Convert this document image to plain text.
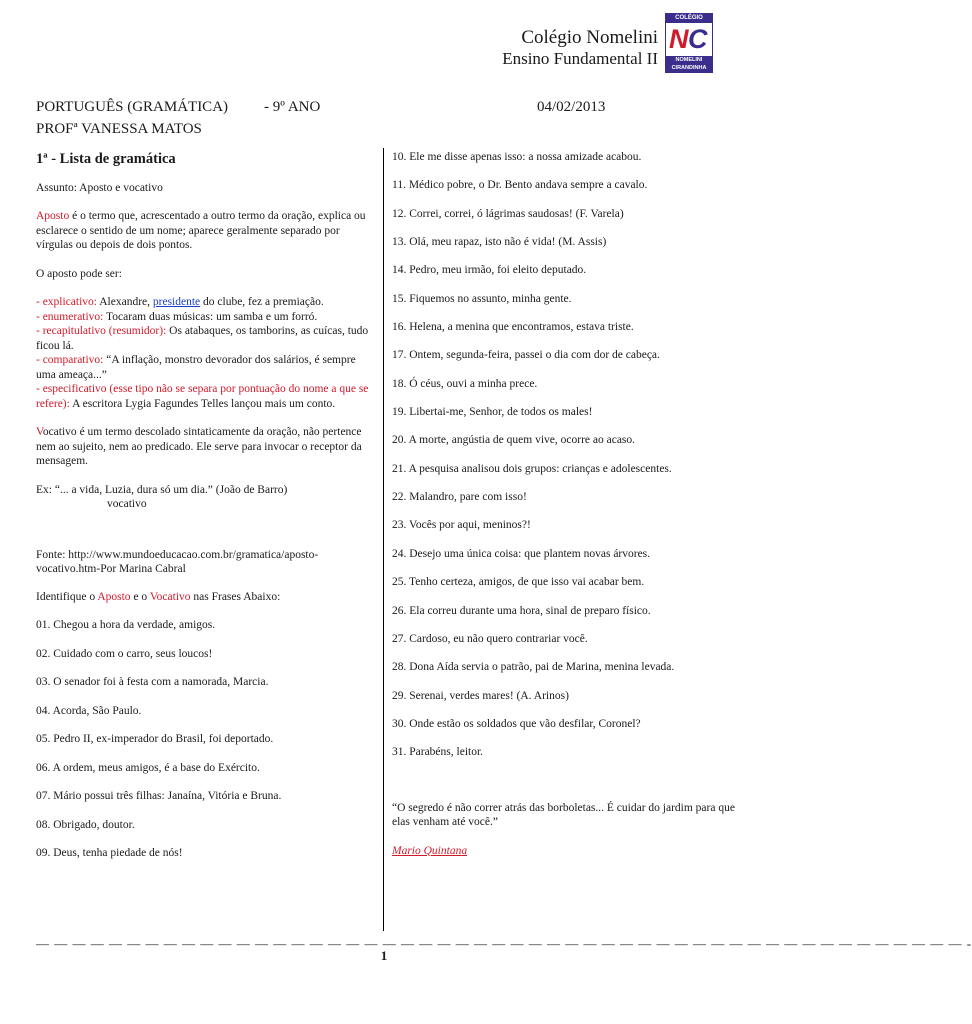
Colégio Nomelini
Ensino Fundamental II
COLÉGIO
N C
NOMELINI
CIRANDINHA
PORTUGUÊS (GRAMÁTICA) - 9º ANO	04/02/2013
PROFª VANESSA MATOS
1ª - Lista de gramática

Assunto: Aposto e vocativo

Aposto é o termo que, acrescentado a outro termo da oração, explica ou esclarece o sentido de um nome; aparece geralmente separado por vírgulas ou depois de dois pontos.

O aposto pode ser:

- explicativo: Alexandre, presidente do clube, fez a premiação.

- enumerativo: Tocaram duas músicas: um samba e um forró.

- recapitulativo (resumidor): Os atabaques, os tamborins, as cuícas, tudo ficou lá.

- comparativo: “A inflação, monstro devorador dos salários, é sempre uma ameaça...”

- especificativo (esse tipo não se separa por pontuação do nome a que se refere): A escritora Lygia Fagundes Telles lançou mais um conto.

Vocativo é um termo descolado sintaticamente da oração, não pertence nem ao sujeito, nem ao predicado. Ele serve para invocar o receptor da mensagem.

Ex: “... a vida, Luzia, dura só um dia.” (João de Barro)

vocativo

Fonte: http://www.mundoeducacao.com.br/gramatica/aposto-vocativo.htm-Por Marina Cabral

Identifique o Aposto e o Vocativo nas Frases Abaixo:

01. Chegou a hora da verdade, amigos.
02. Cuidado com o carro, seus loucos!
03. O senador foi à festa com a namorada, Marcia.
04. Acorda, São Paulo.
05. Pedro II, ex-imperador do Brasil, foi deportado.
06. A ordem, meus amigos, é a base do Exército.
07. Mário possui três filhas: Janaína, Vitória e Bruna.
08. Obrigado, doutor.
09. Deus, tenha piedade de nós!
10. Ele me disse apenas isso: a nossa amizade acabou.
11. Médico pobre, o Dr. Bento andava sempre a cavalo.
12. Correi, correi, ó lágrimas saudosas! (F. Varela)
13. Olá, meu rapaz, isto não é vida! (M. Assis)
14. Pedro, meu irmão, foi eleito deputado.
15. Fiquemos no assunto, minha gente.
16. Helena, a menina que encontramos, estava triste.
17. Ontem, segunda-feira, passei o dia com dor de cabeça.
18. Ó céus, ouvi a minha prece.
19. Libertai-me, Senhor, de todos os males!
20. A morte, angústia de quem vive, ocorre ao acaso.
21. A pesquisa analisou dois grupos: crianças e adolescentes.
22. Malandro, pare com isso!
23. Vocês por aqui, meninos?!
24. Desejo uma única coisa: que plantem novas árvores.
25. Tenho certeza, amigos, de que isso vai acabar bem.
26. Ela correu durante uma hora, sinal de preparo físico.
27. Cardoso, eu não quero contrariar você.
28. Dona Aída servia o patrão, pai de Marina, menina levada.
29. Serenai, verdes mares! (A. Arinos)
30. Onde estão os soldados que vão desfilar, Coronel?
31. Parabéns, leitor.

“O segredo é não correr atrás das borboletas... É cuidar do jardim para que elas venham até você.”

Mario Quintana

— — — — — — — — — — — — — — — — — — — — — — — — — — — — — — — — — — — — — — — — — — — — — — — — — — — -
1
